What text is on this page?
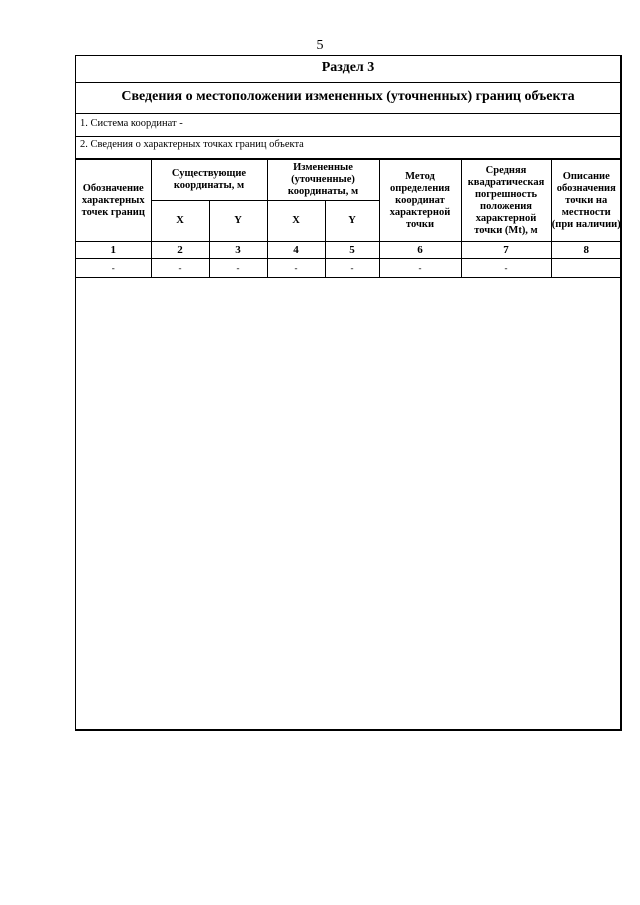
5
Раздел 3
Сведения о местоположении измененных (уточненных) границ объекта
1. Система координат -
2. Сведения о характерных точках границ объекта
Обозначение характерных точек границ	Существующие координаты, м		Измененные (уточненные) координаты, м		Метод определения координат характерной точки	Средняя квадратическая погрешность положения характерной точки (Mt), м	Описание обозначения точки на местности (при наличии)
	X	Y	X	Y			
1	2	3	4	5	6	7	8
-	-	-	-	-	-	-	
